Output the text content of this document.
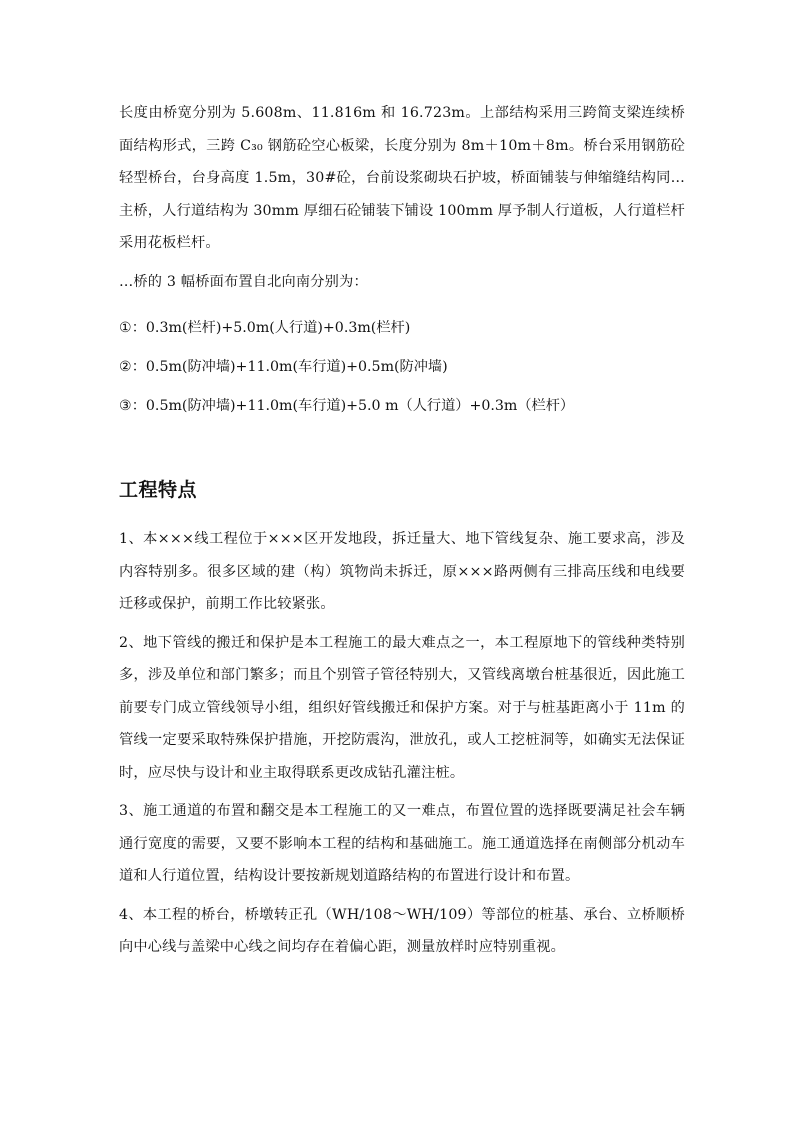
长度由桥宽分别为 5.608m、11.816m 和 16.723m。上部结构采用三跨简支梁连续桥面结构形式，三跨 C₃₀ 钢筋砼空心板梁，长度分别为 8m＋10m＋8m。桥台采用钢筋砼轻型桥台，台身高度 1.5m，30#砼，台前设浆砌块石护坡，桥面铺装与伸缩缝结构同…主桥，人行道结构为 30mm 厚细石砼铺装下铺设 100mm 厚予制人行道板，人行道栏杆采用花板栏杆。

…桥的 3 幅桥面布置自北向南分别为：

①：0.3m(栏杆)+5.0m(人行道)+0.3m(栏杆)

②：0.5m(防冲墙)+11.0m(车行道)+0.5m(防冲墙)

③：0.5m(防冲墙)+11.0m(车行道)+5.0 m（人行道）+0.3m（栏杆）

工程特点

1、本×××线工程位于×××区开发地段，拆迁量大、地下管线复杂、施工要求高，涉及内容特别多。很多区域的建（构）筑物尚未拆迁，原×××路两侧有三排高压线和电线要迁移或保护，前期工作比较紧张。

2、地下管线的搬迁和保护是本工程施工的最大难点之一，本工程原地下的管线种类特别多，涉及单位和部门繁多；而且个别管子管径特别大，又管线离墩台桩基很近，因此施工前要专门成立管线领导小组，组织好管线搬迁和保护方案。对于与桩基距离小于 11m 的管线一定要采取特殊保护措施，开挖防震沟，泄放孔，或人工挖桩洞等，如确实无法保证时，应尽快与设计和业主取得联系更改成钻孔灌注桩。

3、施工通道的布置和翻交是本工程施工的又一难点，布置位置的选择既要满足社会车辆通行宽度的需要，又要不影响本工程的结构和基础施工。施工通道选择在南侧部分机动车道和人行道位置，结构设计要按新规划道路结构的布置进行设计和布置。

4、本工程的桥台，桥墩转正孔（WH/108～WH/109）等部位的桩基、承台、立桥顺桥向中心线与盖梁中心线之间均存在着偏心距，测量放样时应特别重视。
